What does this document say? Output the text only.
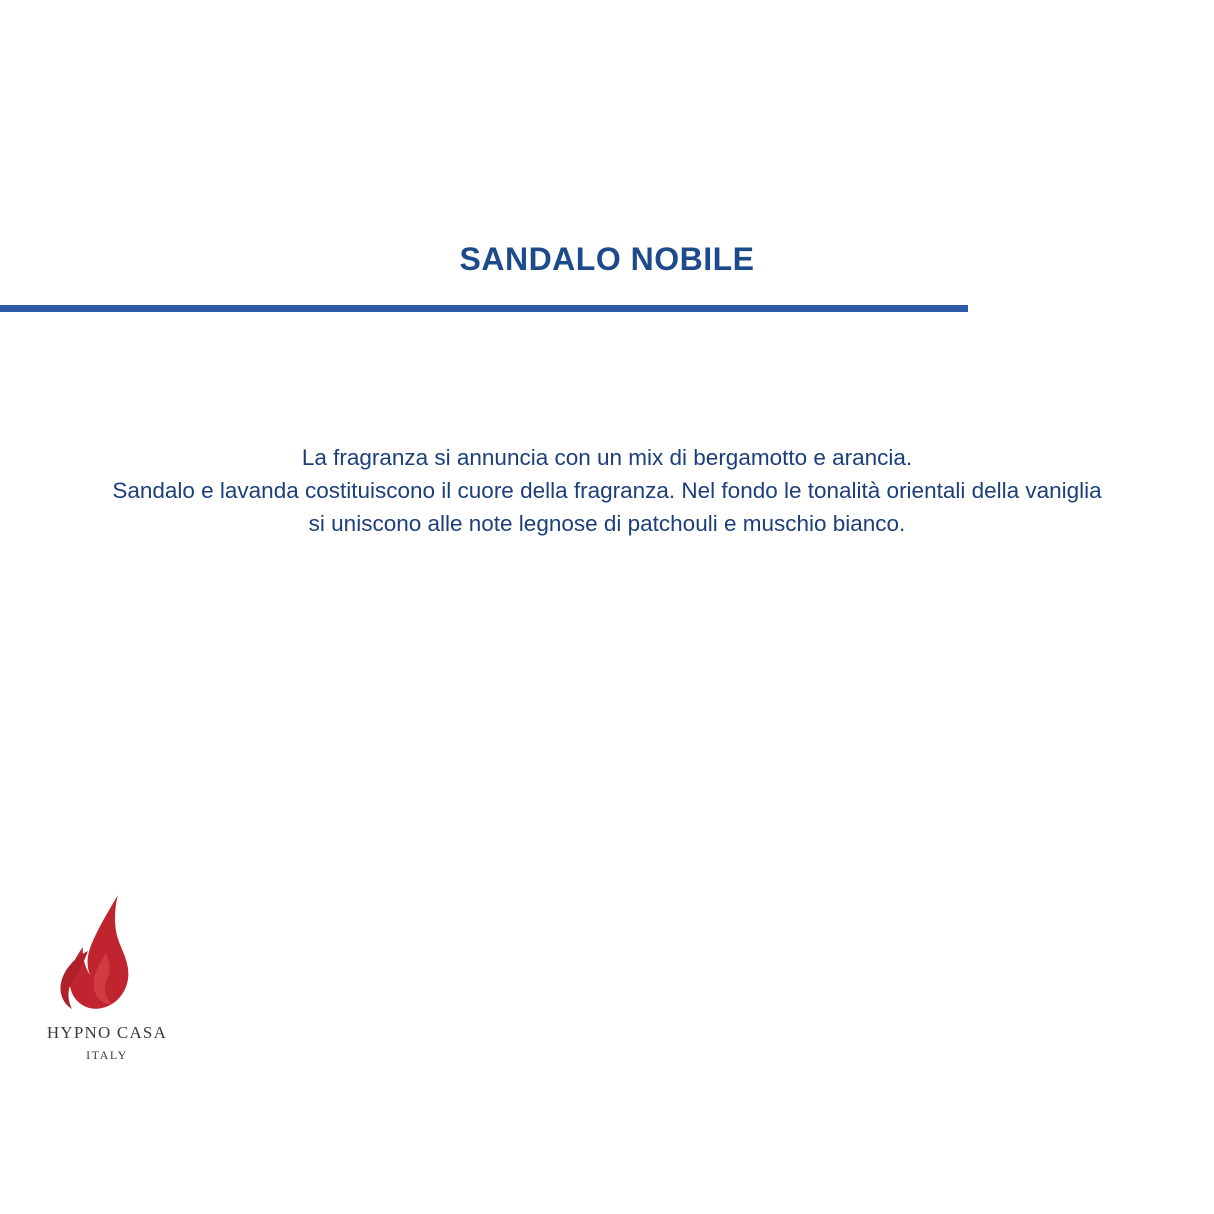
SANDALO NOBILE
La fragranza si annuncia con un mix di bergamotto e arancia.
Sandalo e lavanda costituiscono il cuore della fragranza. Nel fondo le tonalità orientali della vaniglia
si uniscono alle note legnose di patchouli e muschio bianco.
HYPNO CASA
ITALY
